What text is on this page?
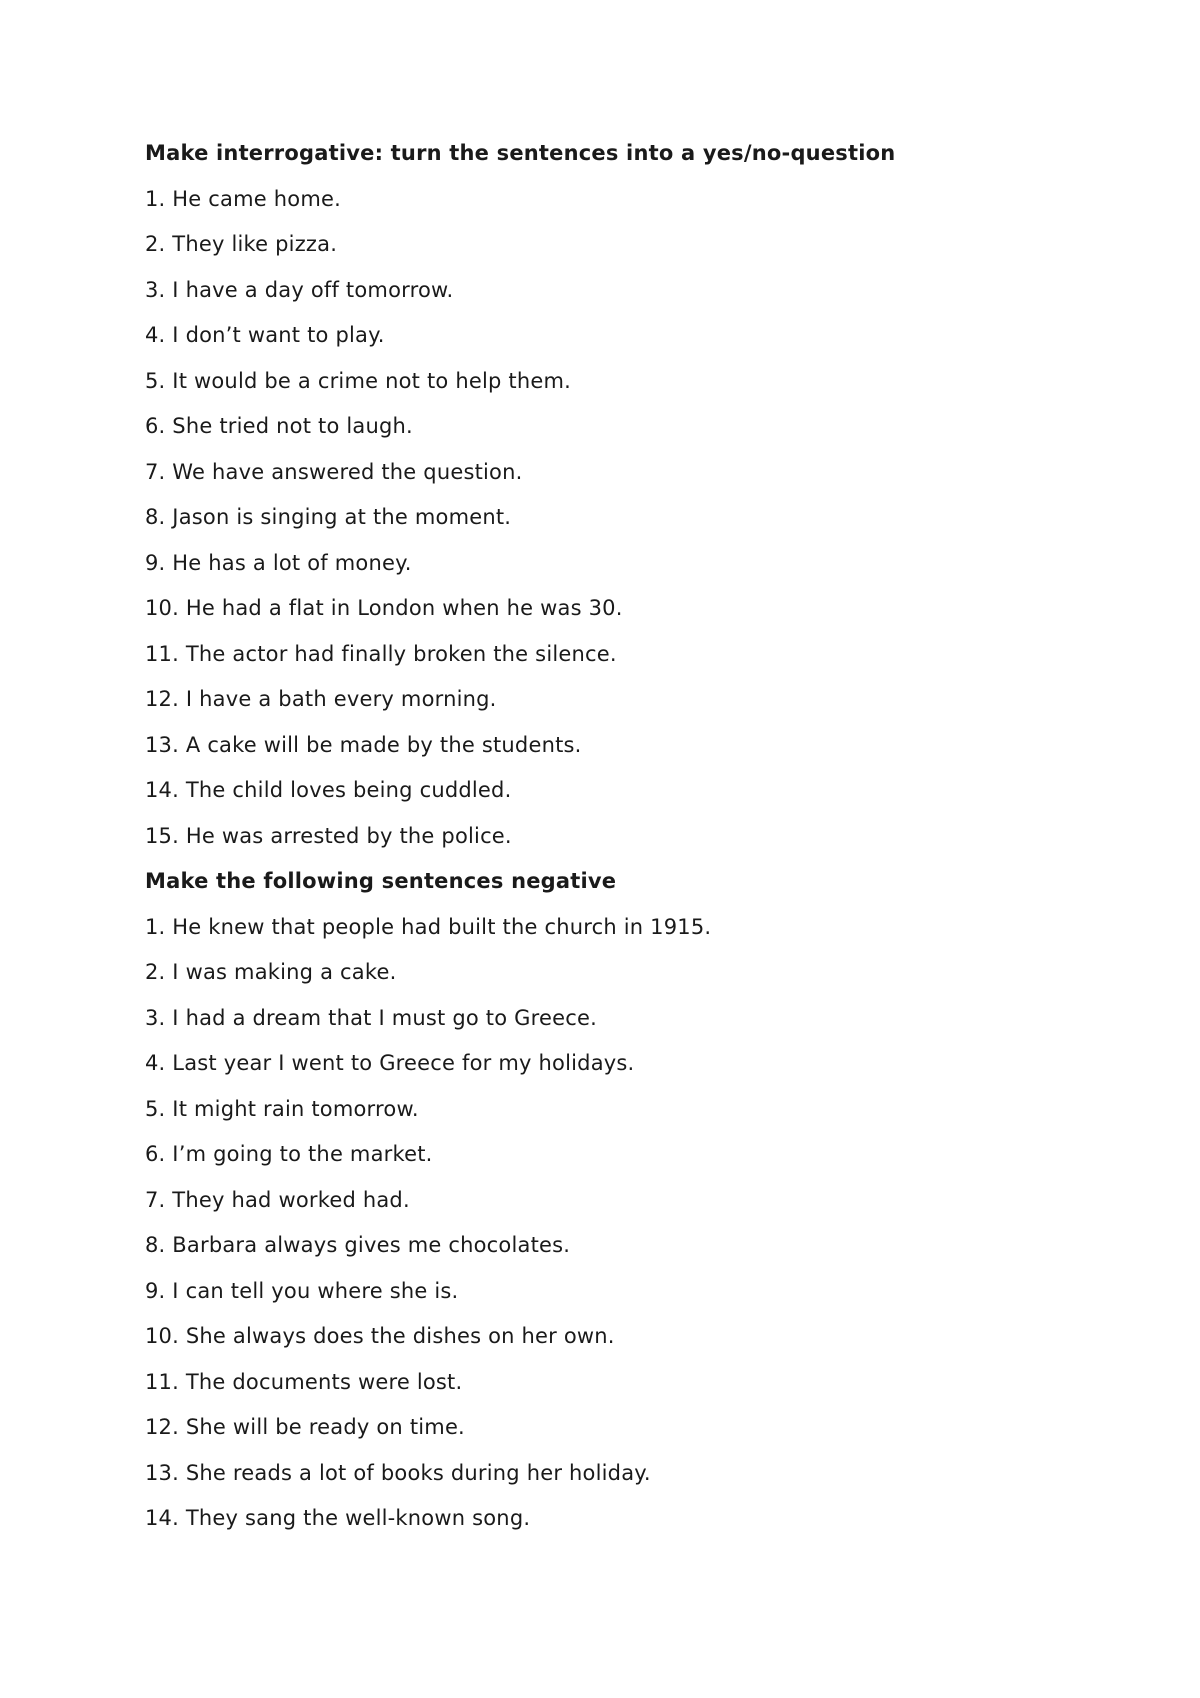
Make interrogative: turn the sentences into a yes/no-question
1. He came home.
2. They like pizza.
3. I have a day off tomorrow.
4. I don’t want to play.
5. It would be a crime not to help them.
6. She tried not to laugh.
7. We have answered the question.
8. Jason is singing at the moment.
9. He has a lot of money.
10. He had a flat in London when he was 30.
11. The actor had finally broken the silence.
12. I have a bath every morning.
13. A cake will be made by the students.
14. The child loves being cuddled.
15. He was arrested by the police.
Make the following sentences negative
1. He knew that people had built the church in 1915.
2. I was making a cake.
3. I had a dream that I must go to Greece.
4. Last year I went to Greece for my holidays.
5. It might rain tomorrow.
6. I’m going to the market.
7. They had worked had.
8. Barbara always gives me chocolates.
9. I can tell you where she is.
10. She always does the dishes on her own.
11. The documents were lost.
12. She will be ready on time.
13. She reads a lot of books during her holiday.
14. They sang the well-known song.
